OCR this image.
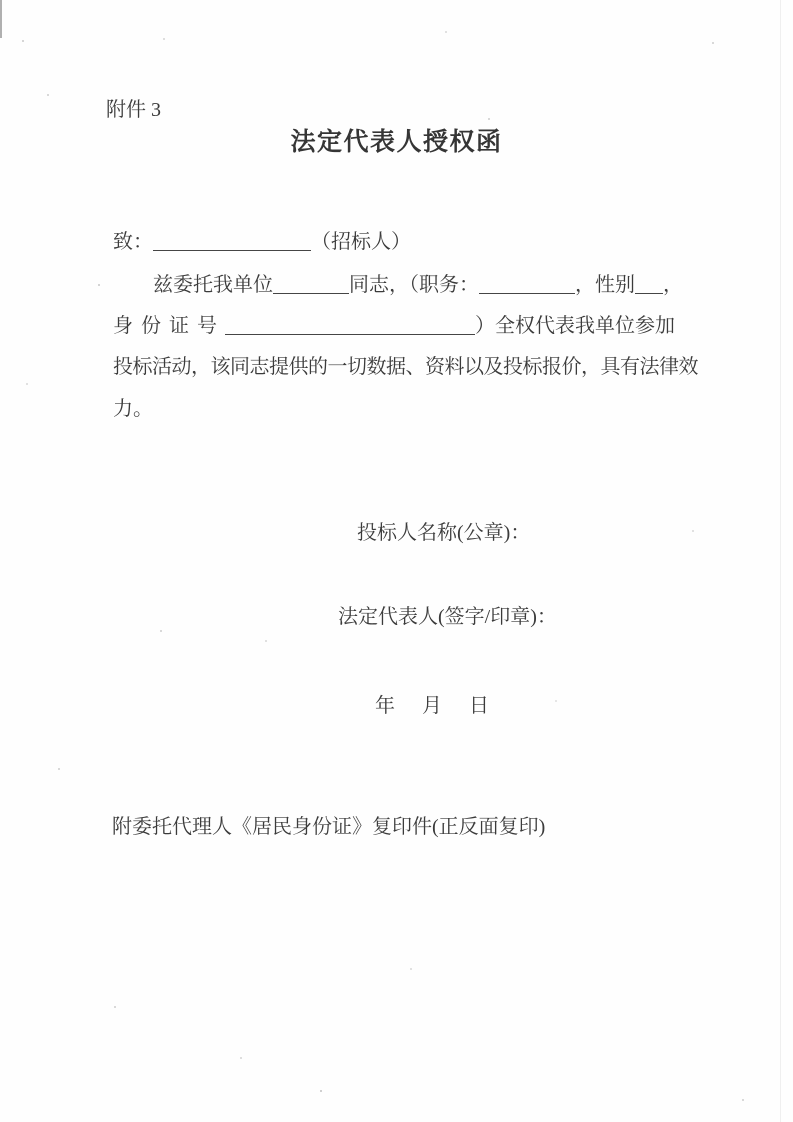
附件 3
法定代表人授权函
致：	（招标人）
兹委托我单位	同志，（职务：	，性别 ，
身份证号	）全权代表我单位参加
投标活动，该同志提供的一切数据、资料以及投标报价，具有法律效
力。
投标人名称(公章)：
法定代表人(签字/印章)：
年 月 日
附委托代理人《居民身份证》复印件(正反面复印)
